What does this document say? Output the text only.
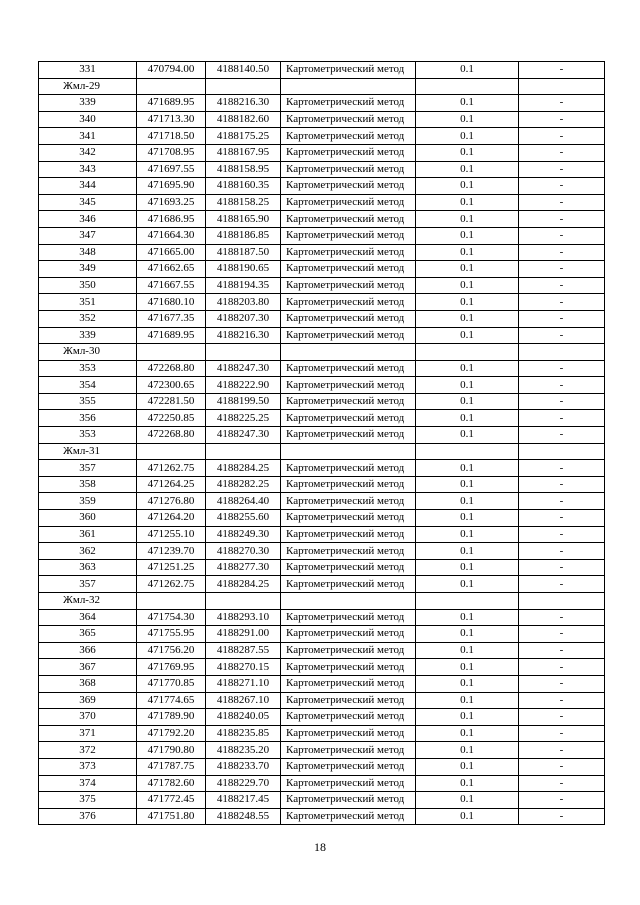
331	470794.00	4188140.50	Картометрический метод	0.1	-
Жмл-29					
339	471689.95	4188216.30	Картометрический метод	0.1	-
340	471713.30	4188182.60	Картометрический метод	0.1	-
341	471718.50	4188175.25	Картометрический метод	0.1	-
342	471708.95	4188167.95	Картометрический метод	0.1	-
343	471697.55	4188158.95	Картометрический метод	0.1	-
344	471695.90	4188160.35	Картометрический метод	0.1	-
345	471693.25	4188158.25	Картометрический метод	0.1	-
346	471686.95	4188165.90	Картометрический метод	0.1	-
347	471664.30	4188186.85	Картометрический метод	0.1	-
348	471665.00	4188187.50	Картометрический метод	0.1	-
349	471662.65	4188190.65	Картометрический метод	0.1	-
350	471667.55	4188194.35	Картометрический метод	0.1	-
351	471680.10	4188203.80	Картометрический метод	0.1	-
352	471677.35	4188207.30	Картометрический метод	0.1	-
339	471689.95	4188216.30	Картометрический метод	0.1	-
Жмл-30					
353	472268.80	4188247.30	Картометрический метод	0.1	-
354	472300.65	4188222.90	Картометрический метод	0.1	-
355	472281.50	4188199.50	Картометрический метод	0.1	-
356	472250.85	4188225.25	Картометрический метод	0.1	-
353	472268.80	4188247.30	Картометрический метод	0.1	-
Жмл-31					
357	471262.75	4188284.25	Картометрический метод	0.1	-
358	471264.25	4188282.25	Картометрический метод	0.1	-
359	471276.80	4188264.40	Картометрический метод	0.1	-
360	471264.20	4188255.60	Картометрический метод	0.1	-
361	471255.10	4188249.30	Картометрический метод	0.1	-
362	471239.70	4188270.30	Картометрический метод	0.1	-
363	471251.25	4188277.30	Картометрический метод	0.1	-
357	471262.75	4188284.25	Картометрический метод	0.1	-
Жмл-32					
364	471754.30	4188293.10	Картометрический метод	0.1	-
365	471755.95	4188291.00	Картометрический метод	0.1	-
366	471756.20	4188287.55	Картометрический метод	0.1	-
367	471769.95	4188270.15	Картометрический метод	0.1	-
368	471770.85	4188271.10	Картометрический метод	0.1	-
369	471774.65	4188267.10	Картометрический метод	0.1	-
370	471789.90	4188240.05	Картометрический метод	0.1	-
371	471792.20	4188235.85	Картометрический метод	0.1	-
372	471790.80	4188235.20	Картометрический метод	0.1	-
373	471787.75	4188233.70	Картометрический метод	0.1	-
374	471782.60	4188229.70	Картометрический метод	0.1	-
375	471772.45	4188217.45	Картометрический метод	0.1	-
376	471751.80	4188248.55	Картометрический метод	0.1	-
18
